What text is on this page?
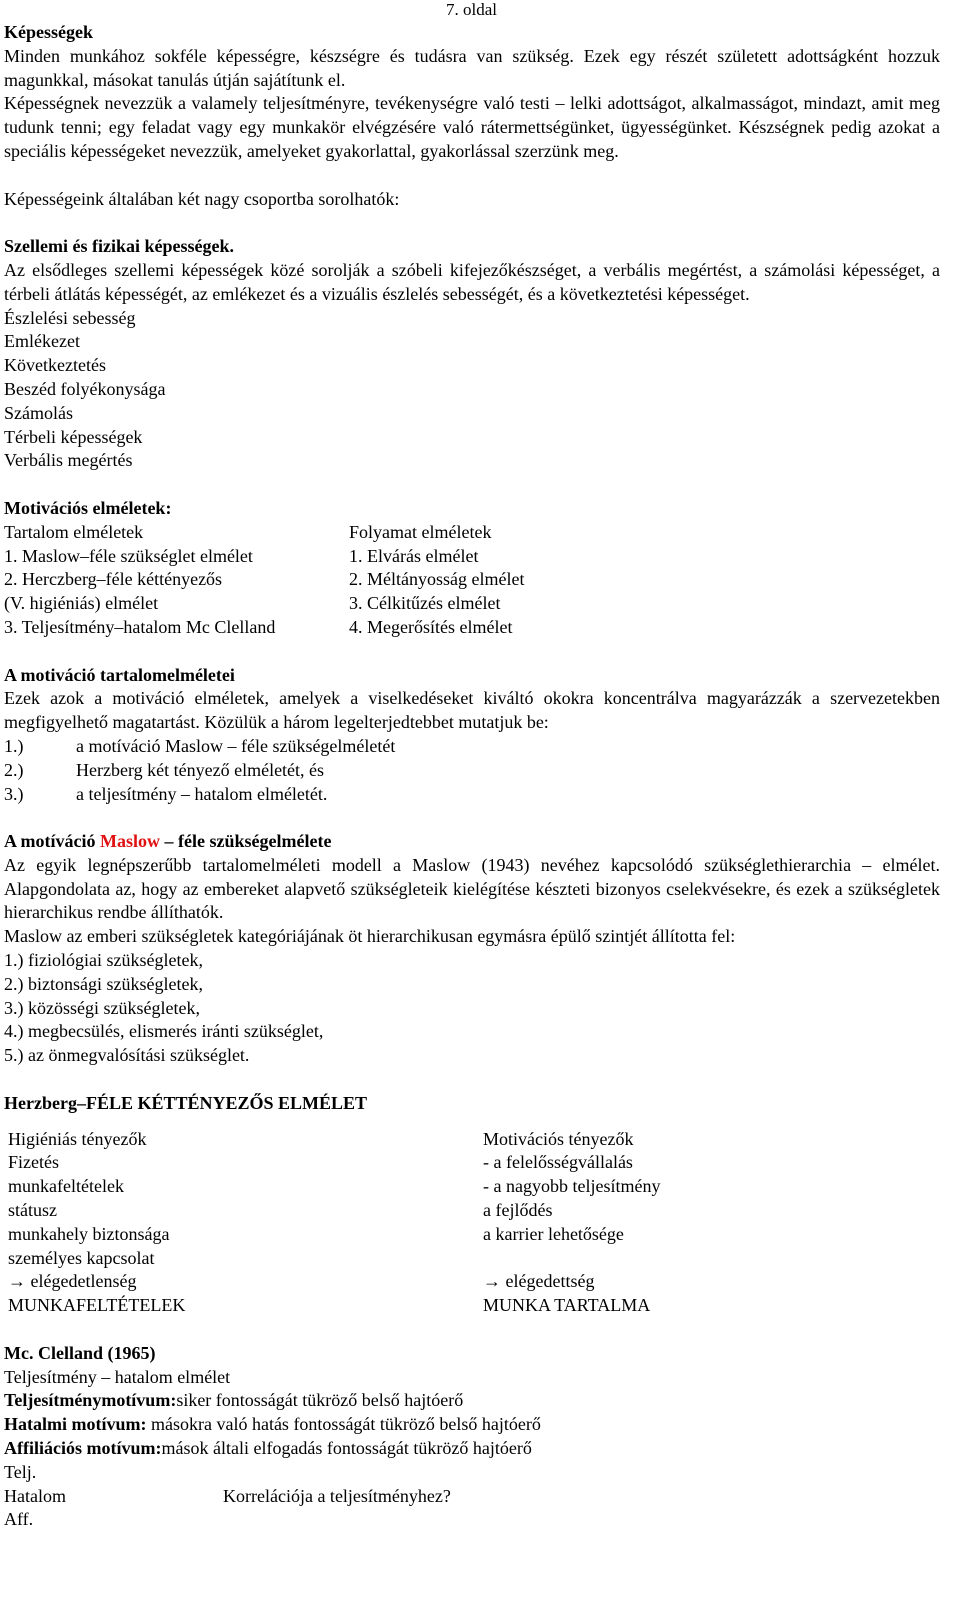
7. oldal
Képességek

Minden munkához sokféle képességre, készségre és tudásra van szükség. Ezek egy részét született adottságként hozzuk magunkkal, másokat tanulás útján sajátítunk el.

Képességnek nevezzük a valamely teljesítményre, tevékenységre való testi – lelki adottságot, alkalmasságot, mindazt, amit meg tudunk tenni; egy feladat vagy egy munkakör elvégzésére való rátermettségünket, ügyességünket. Készségnek pedig azokat a speciális képességeket nevezzük, amelyeket gyakorlattal, gyakorlással szerzünk meg.

Képességeink általában két nagy csoportba sorolhatók:
Szellemi és fizikai képességek.

Az elsődleges szellemi képességek közé sorolják a szóbeli kifejezőkészséget, a verbális megértést, a számolási képességet, a térbeli átlátás képességét, az emlékezet és a vizuális észlelés sebességét, és a következtetési képességet.

Észlelési sebesség
Emlékezet
Következtetés
Beszéd folyékonysága
Számolás
Térbeli képességek
Verbális megértés
Motivációs elméletek:
Tartalom elméletek	Folyamat elméletek
1. Maslow–féle szükséglet elmélet	1. Elvárás elmélet
2. Herczberg–féle kéttényezős	2. Méltányosság elmélet
(V. higiéniás) elmélet	3. Célkitűzés elmélet
3. Teljesítmény–hatalom Mc Clelland	4. Megerősítés elmélet
A motiváció tartalomelméletei

Ezek azok a motiváció elméletek, amelyek a viselkedéseket kiváltó okokra koncentrálva magyarázzák a szervezetekben megfigyelhető magatartást. Közülük a három legelterjedtebbet mutatjuk be:

1.)	a motíváció Maslow – féle szükségelméletét
2.)	Herzberg két tényező elméletét, és
3.)	a teljesítmény – hatalom elméletét.
A motíváció Maslow – féle szükségelmélete

Az egyik legnépszerűbb tartalomelméleti modell a Maslow (1943) nevéhez kapcsolódó szükséglethierarchia – elmélet. Alapgondolata az, hogy az embereket alapvető szükségleteik kielégítése készteti bizonyos cselekvésekre, és ezek a szükségletek hierarchikus rendbe állíthatók.

Maslow az emberi szükségletek kategóriájának öt hierarchikusan egymásra épülő szintjét állította fel:

1.) fiziológiai szükségletek,
2.) biztonsági szükségletek,
3.) közösségi szükségletek,
4.) megbecsülés, elismerés iránti szükséglet,
5.) az önmegvalósítási szükséglet.
Herzberg–FÉLE KÉTTÉNYEZŐS ELMÉLET
Higiéniás tényezők	Motivációs tényezők
Fizetés	- a felelősségvállalás
munkafeltételek	- a nagyobb teljesítmény
státusz	a fejlődés
munkahely biztonsága	a karrier lehetősége
személyes kapcsolat
→ elégedetlenség	→ elégedettség
MUNKAFELTÉTELEK	MUNKA TARTALMA
Mc. Clelland (1965)
Teljesítmény – hatalom elmélet
Teljesítménymotívum:siker fontosságát tükröző belső hajtóerő
Hatalmi motívum: másokra való hatás fontosságát tükröző belső hajtóerő
Affiliációs motívum:mások általi elfogadás fontosságát tükröző hajtóerő
Telj.
Hatalom	Korrelációja a teljesítményhez?
Aff.
